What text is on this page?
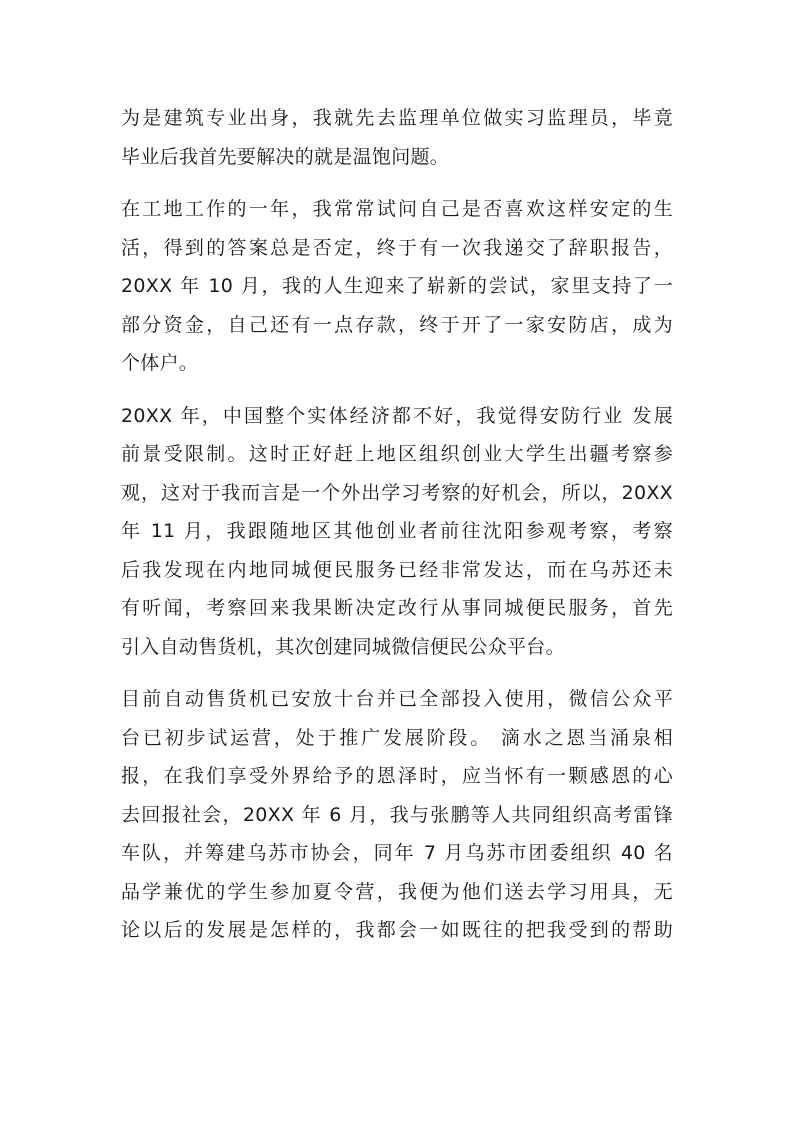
为是建筑专业出身，我就先去监理单位做实习监理员，毕竟
毕业后我首先要解决的就是温饱问题。
在工地工作的一年，我常常试问自己是否喜欢这样安定的生
活，得到的答案总是否定，终于有一次我递交了辞职报告，
20XX 年 10 月，我的人生迎来了崭新的尝试，家里支持了一
部分资金，自己还有一点存款，终于开了一家安防店，成为
个体户。
20XX 年，中国整个实体经济都不好，我觉得安防行业 发展
前景受限制。这时正好赶上地区组织创业大学生出疆考察参
观，这对于我而言是一个外出学习考察的好机会，所以，20XX
年 11 月，我跟随地区其他创业者前往沈阳参观考察，考察
后我发现在内地同城便民服务已经非常发达，而在乌苏还未
有听闻，考察回来我果断决定改行从事同城便民服务，首先
引入自动售货机，其次创建同城微信便民公众平台。
目前自动售货机已安放十台并已全部投入使用，微信公众平
台已初步试运营，处于推广发展阶段。 滴水之恩当涌泉相
报，在我们享受外界给予的恩泽时，应当怀有一颗感恩的心
去回报社会，20XX 年 6 月，我与张鹏等人共同组织高考雷锋
车队，并筹建乌苏市协会，同年 7 月乌苏市团委组织 40 名
品学兼优的学生参加夏令营，我便为他们送去学习用具，无
论以后的发展是怎样的，我都会一如既往的把我受到的帮助
